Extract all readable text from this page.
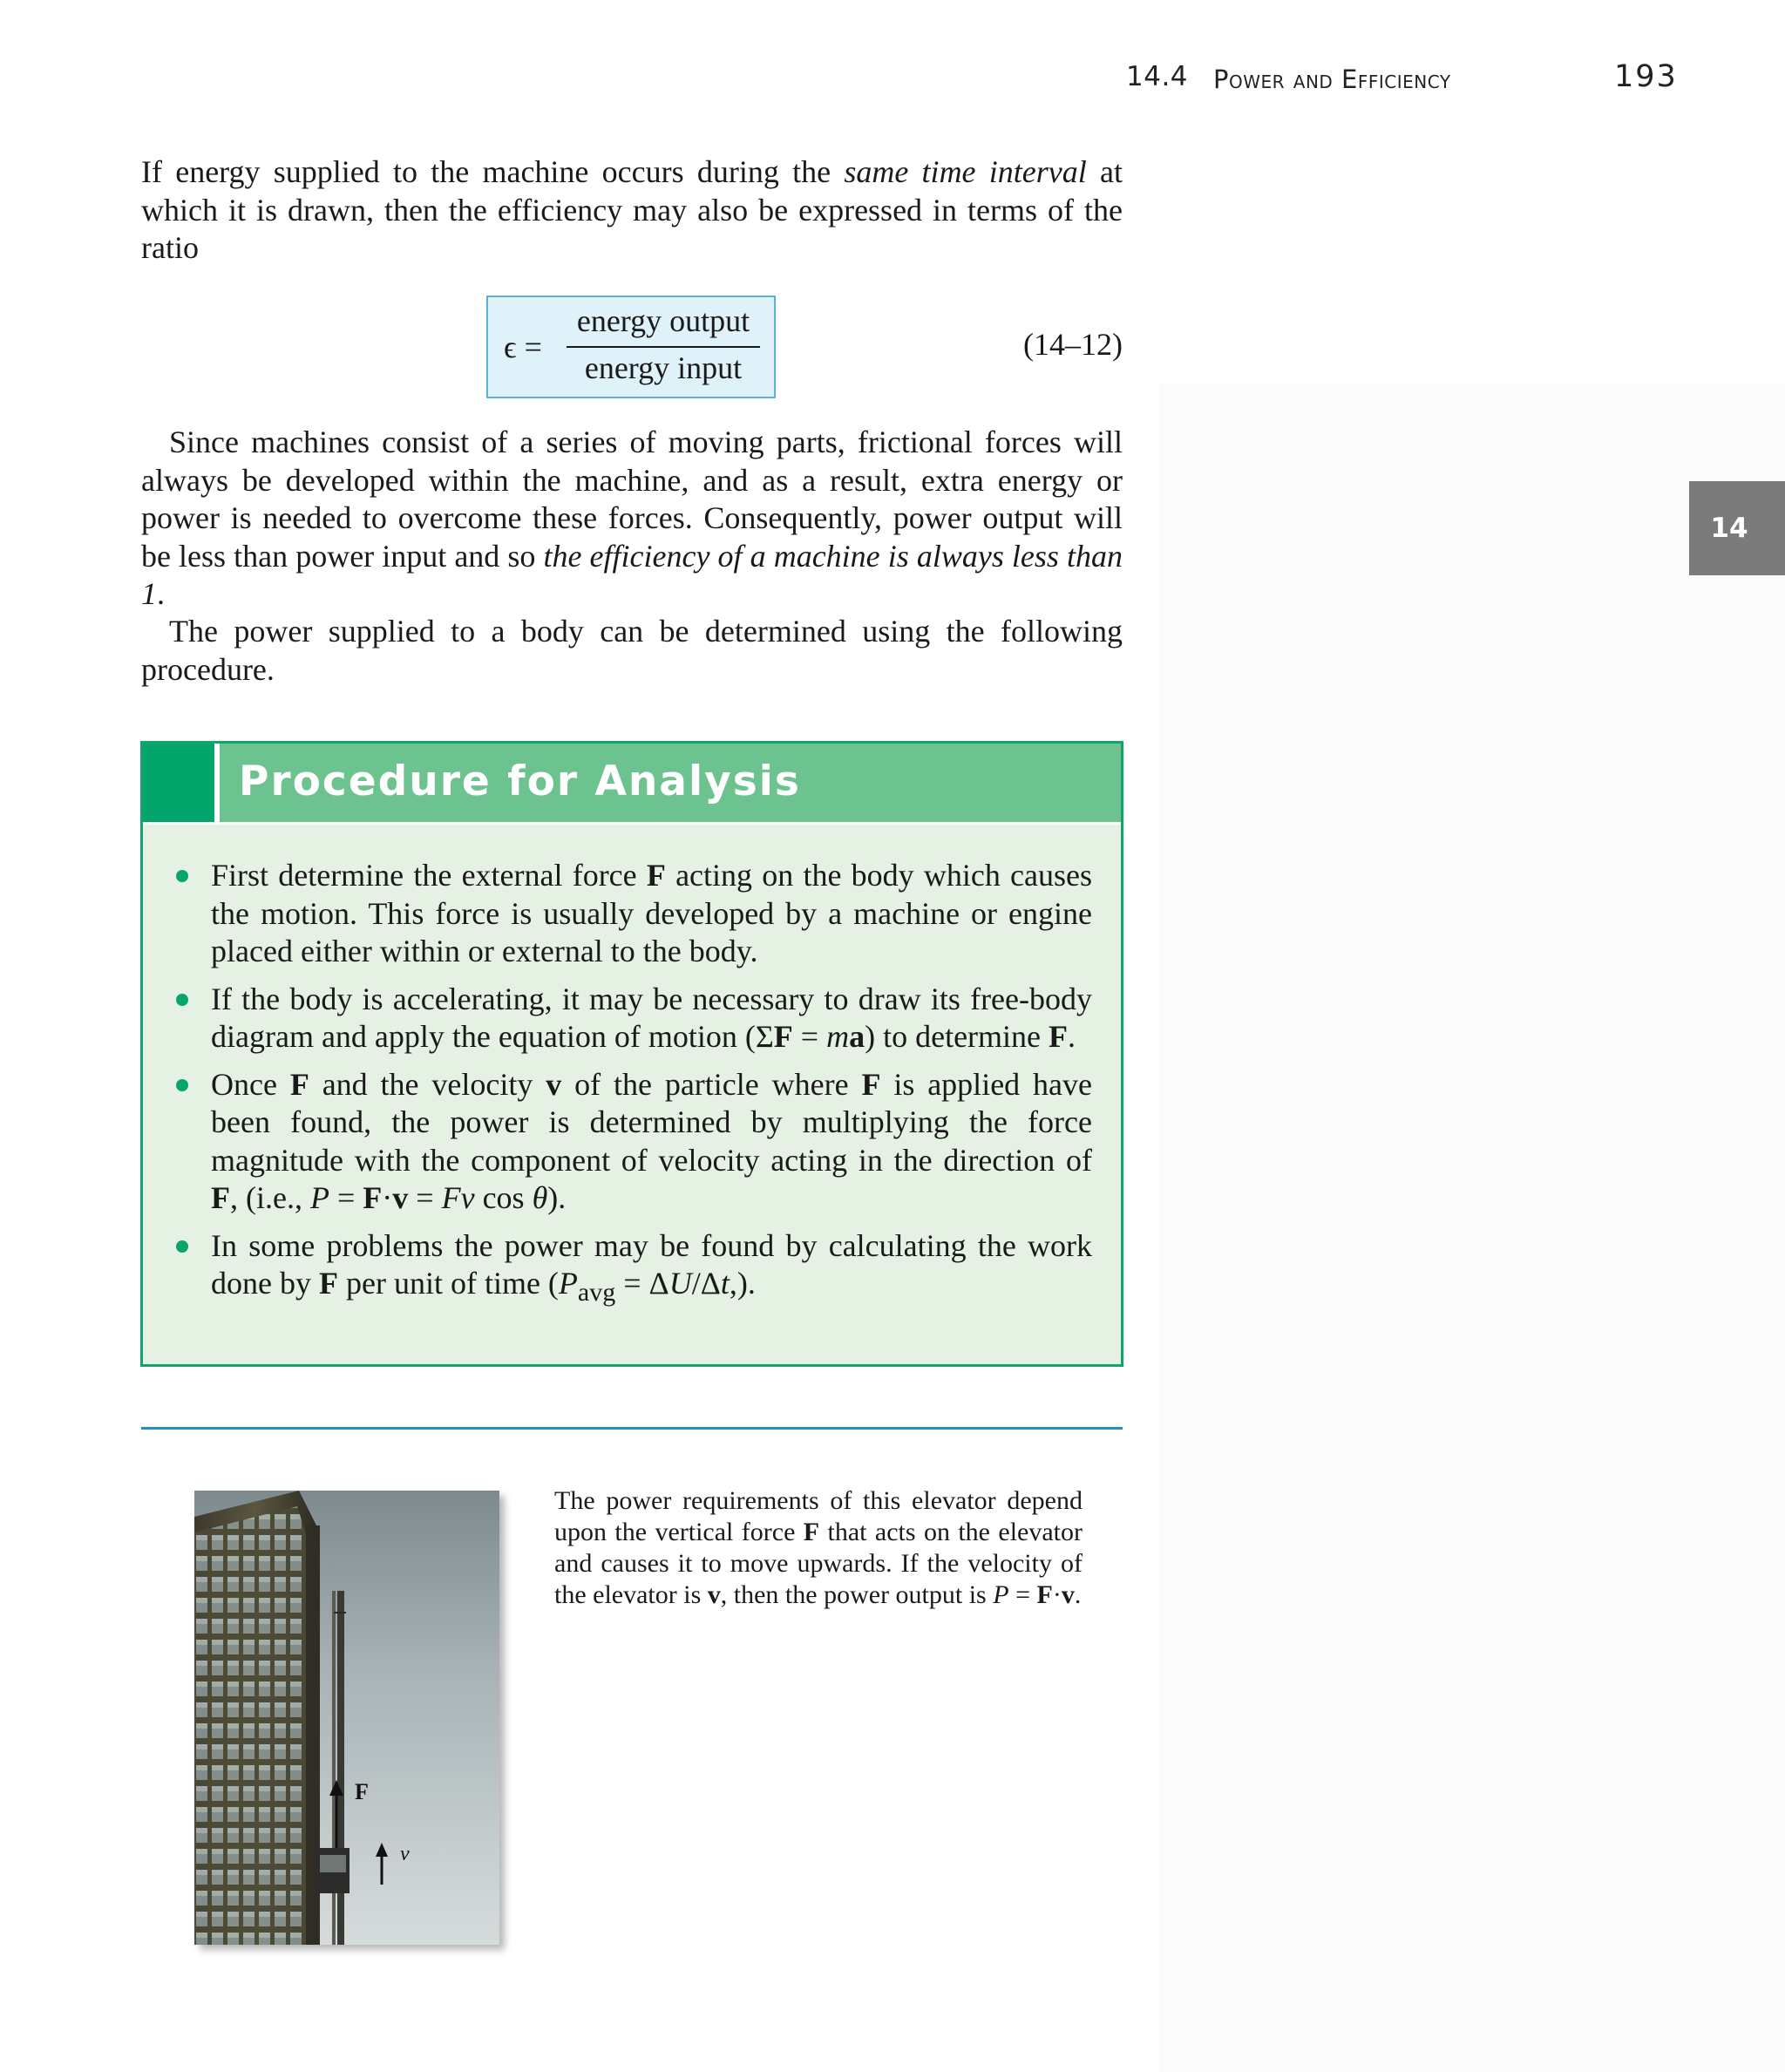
14.4 Power and Efficiency	193
14

If energy supplied to the machine occurs during the same time interval at which it is drawn, then the efficiency may also be expressed in terms of the ratio

ϵ =
energy output
energy input
(14–12)

Since machines consist of a series of moving parts, frictional forces will always be developed within the machine, and as a result, extra energy or power is needed to overcome these forces. Consequently, power output will be less than power input and so the efficiency of a machine is always less than 1.

The power supplied to a body can be determined using the following procedure.

Procedure for Analysis
First determine the external force F acting on the body which causes the motion. This force is usually developed by a machine or engine placed either within or external to the body.
If the body is accelerating, it may be necessary to draw its free-body diagram and apply the equation of motion (ΣF = ma) to determine F.
Once F and the velocity v of the particle where F is applied have been found, the power is determined by multiplying the force magnitude with the component of velocity acting in the direction of F, (i.e., P = F·v = Fv cos θ).
In some problems the power may be found by calculating the work done by F per unit of time $(P_{avg} = \Delta U/\Delta t,)$.
F
v

The power requirements of this elevator depend upon the vertical force F that acts on the elevator and causes it to move upwards. If the velocity of the elevator is v, then the power output is P = F·v.
